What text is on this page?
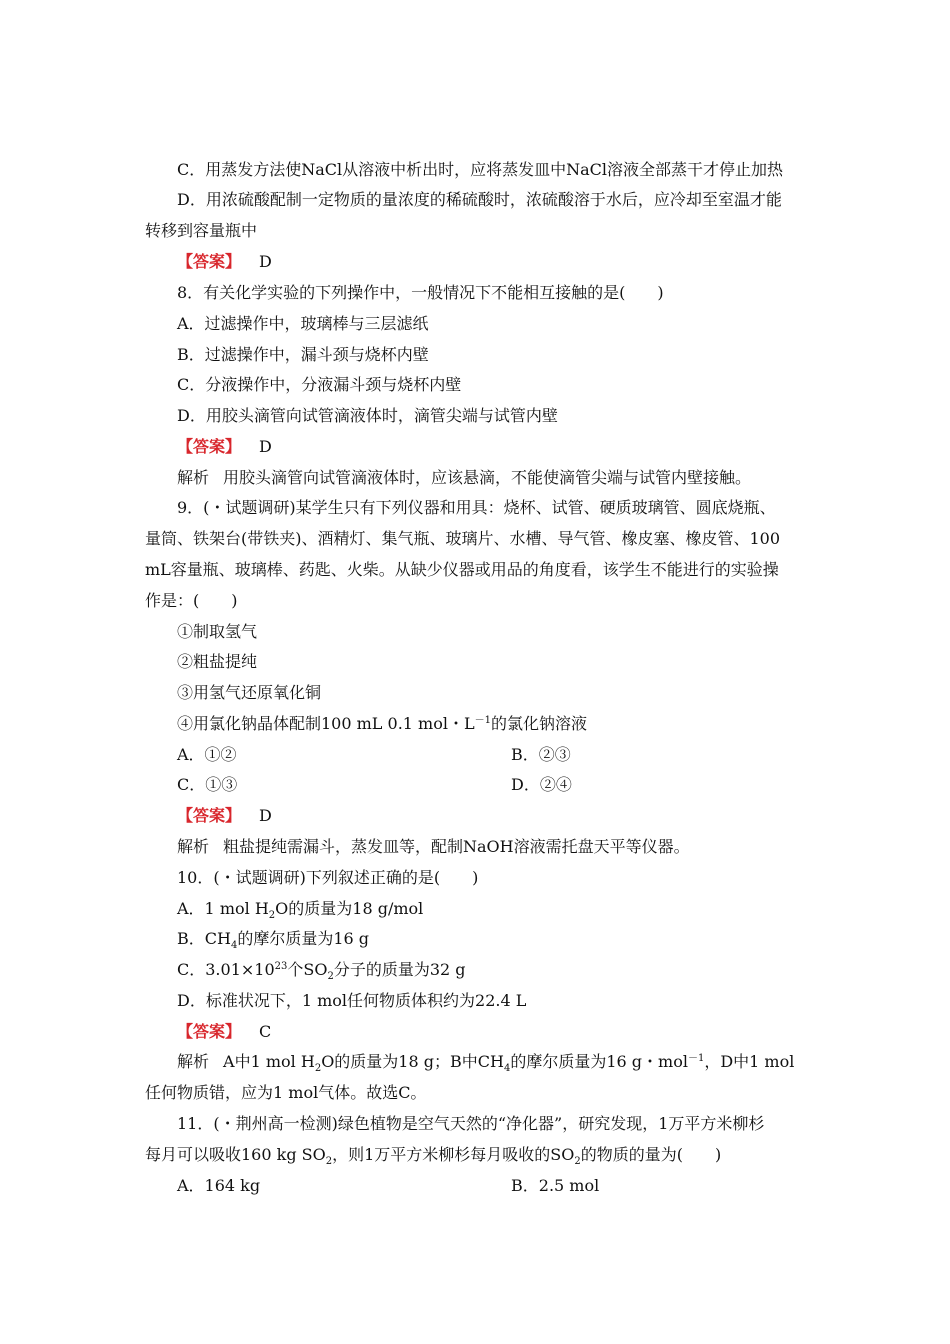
C．用蒸发方法使NaCl从溶液中析出时，应将蒸发皿中NaCl溶液全部蒸干才停止加热
D．用浓硫酸配制一定物质的量浓度的稀硫酸时，浓硫酸溶于水后，应冷却至室温才能
转移到容量瓶中
【答案】 D
8．有关化学实验的下列操作中，一般情况下不能相互接触的是(　　)
A．过滤操作中，玻璃棒与三层滤纸
B．过滤操作中，漏斗颈与烧杯内壁
C．分液操作中，分液漏斗颈与烧杯内壁
D．用胶头滴管向试管滴液体时，滴管尖端与试管内壁
【答案】 D
解析 用胶头滴管向试管滴液体时，应该悬滴，不能使滴管尖端与试管内壁接触。
9．(・试题调研)某学生只有下列仪器和用具：烧杯、试管、硬质玻璃管、圆底烧瓶、
量筒、铁架台(带铁夹)、酒精灯、集气瓶、玻璃片、水槽、导气管、橡皮塞、橡皮管、100
mL容量瓶、玻璃棒、药匙、火柴。从缺少仪器或用品的角度看，该学生不能进行的实验操
作是：(　　)
①制取氢气
②粗盐提纯
③用氢气还原氧化铜
④用氯化钠晶体配制100 mL 0.1 mol・$L^{-1}$的氯化钠溶液
A．①②	B．②③
C．①③	D．②④
【答案】 D
解析 粗盐提纯需漏斗，蒸发皿等，配制NaOH溶液需托盘天平等仪器。
10．(・试题调研)下列叙述正确的是(　　)
A．1 mol $H_2O$的质量为18 g/mol
B．$CH_4$的摩尔质量为16 g
C．$3.01\times 10^{23}$个$SO_2$分子的质量为32 g
D．标准状况下，1 mol任何物质体积约为22.4 L
【答案】 C
解析 A中1 mol $H_2O$的质量为18 g；B中$CH_4$的摩尔质量为16 g・mol$^{-1}$，D中1 mol
任何物质错，应为1 mol气体。故选C。
11．(・荆州高一检测)绿色植物是空气天然的“净化器”，研究发现，1万平方米柳杉
每月可以吸收160 kg $SO_2$，则1万平方米柳杉每月吸收的$SO_2$的物质的量为(　　)
A．164 kg	B．2.5 mol
